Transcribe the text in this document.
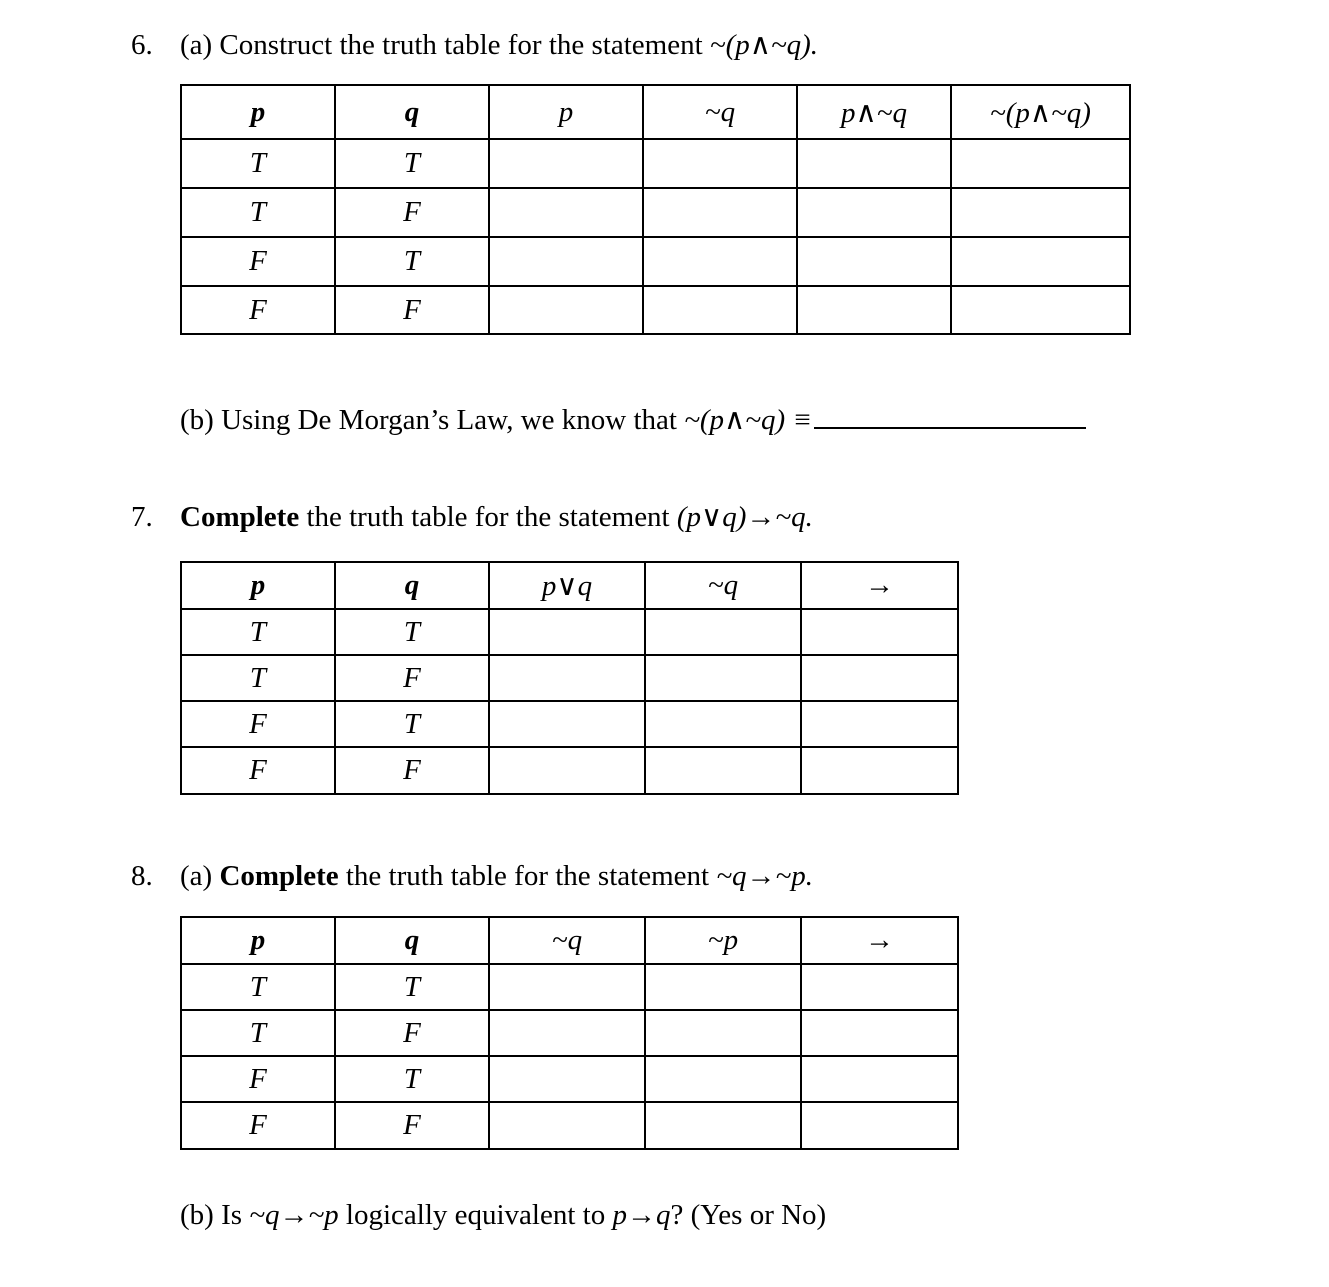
6. (a) Construct the truth table for the statement ~(p∧~q).
p	q	p	~q	p∧~q	~(p∧~q)
T	T				
T	F				
F	T				
F	F				
(b) Using De Morgan’s Law, we know that ~(p∧~q) ≡
7. Complete the truth table for the statement (p∨q)→~q.
p	q	p∨q	~q	→
T	T			
T	F			
F	T			
F	F			
8. (a) Complete the truth table for the statement ~q→~p.
p	q	~q	~p	→
T	T			
T	F			
F	T			
F	F			
(b) Is ~q→~p logically equivalent to p→q? (Yes or No)
